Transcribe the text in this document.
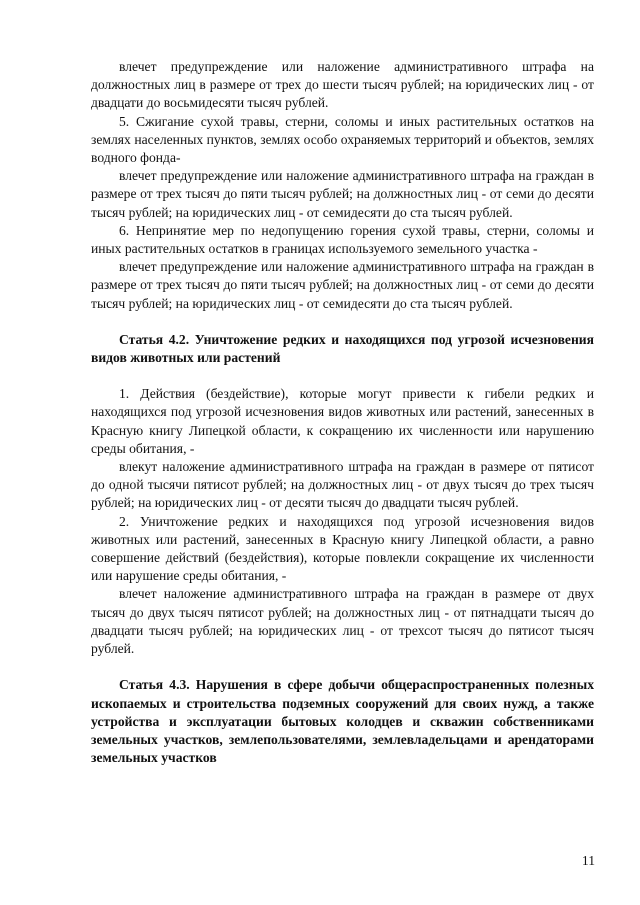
влечет предупреждение или наложение административного штрафа на должностных лиц в размере от трех до шести тысяч рублей; на юридических лиц - от двадцати до восьмидесяти тысяч рублей.

5. Сжигание сухой травы, стерни, соломы и иных растительных остатков на землях населенных пунктов, землях особо охраняемых территорий и объектов, землях водного фонда-

влечет предупреждение или наложение административного штрафа на граждан в размере от трех тысяч до пяти тысяч рублей; на должностных лиц - от семи до десяти тысяч рублей; на юридических лиц - от семидесяти до ста тысяч рублей.

6. Непринятие мер по недопущению горения сухой травы, стерни, соломы и иных растительных остатков в границах используемого земельного участка -

влечет предупреждение или наложение административного штрафа на граждан в размере от трех тысяч до пяти тысяч рублей; на должностных лиц - от семи до десяти тысяч рублей; на юридических лиц - от семидесяти до ста тысяч рублей.

Статья 4.2. Уничтожение редких и находящихся под угрозой исчезновения видов животных или растений

1. Действия (бездействие), которые могут привести к гибели редких и находящихся под угрозой исчезновения видов животных или растений, занесенных в Красную книгу Липецкой области, к сокращению их численности или нарушению среды обитания, -

влекут наложение административного штрафа на граждан в размере от пятисот до одной тысячи пятисот рублей; на должностных лиц - от двух тысяч до трех тысяч рублей; на юридических лиц - от десяти тысяч до двадцати тысяч рублей.

2. Уничтожение редких и находящихся под угрозой исчезновения видов животных или растений, занесенных в Красную книгу Липецкой области, а равно совершение действий (бездействия), которые повлекли сокращение их численности или нарушение среды обитания, -

влечет наложение административного штрафа на граждан в размере от двух тысяч до двух тысяч пятисот рублей; на должностных лиц - от пятнадцати тысяч до двадцати тысяч рублей; на юридических лиц - от трехсот тысяч до пятисот тысяч рублей.

Статья 4.3. Нарушения в сфере добычи общераспространенных полезных ископаемых и строительства подземных сооружений для своих нужд, а также устройства и эксплуатации бытовых колодцев и скважин собственниками земельных участков, землепользователями, землевладельцами и арендаторами земельных участков

11
